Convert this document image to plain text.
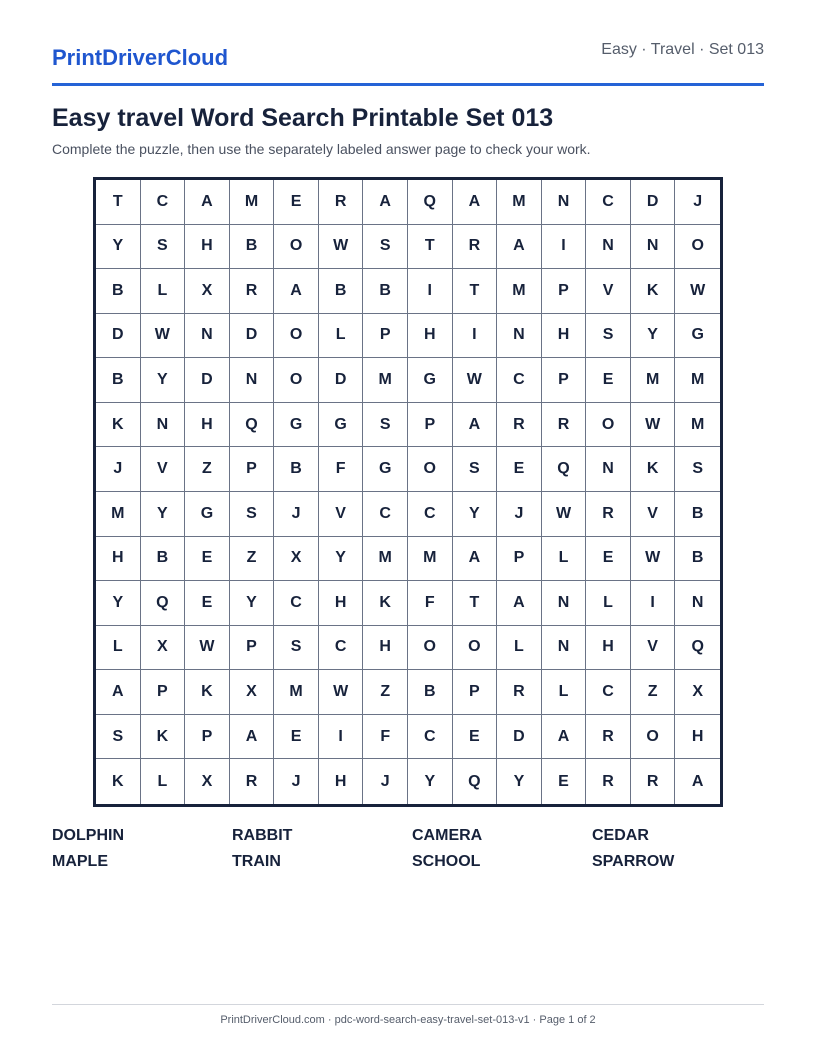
PrintDriverCloud	Easy · Travel · Set 013
Easy travel Word Search Printable Set 013
Complete the puzzle, then use the separately labeled answer page to check your work.
T	C	A	M	E	R	A	Q	A	M	N	C	D	J
Y	S	H	B	O	W	S	T	R	A	I	N	N	O
B	L	X	R	A	B	B	I	T	M	P	V	K	W
D	W	N	D	O	L	P	H	I	N	H	S	Y	G
B	Y	D	N	O	D	M	G	W	C	P	E	M	M
K	N	H	Q	G	G	S	P	A	R	R	O	W	M
J	V	Z	P	B	F	G	O	S	E	Q	N	K	S
M	Y	G	S	J	V	C	C	Y	J	W	R	V	B
H	B	E	Z	X	Y	M	M	A	P	L	E	W	B
Y	Q	E	Y	C	H	K	F	T	A	N	L	I	N
L	X	W	P	S	C	H	O	O	L	N	H	V	Q
A	P	K	X	M	W	Z	B	P	R	L	C	Z	X
S	K	P	A	E	I	F	C	E	D	A	R	O	H
K	L	X	R	J	H	J	Y	Q	Y	E	R	R	A
DOLPHIN	RABBIT	CAMERA	CEDAR
MAPLE	TRAIN	SCHOOL	SPARROW
PrintDriverCloud.com · pdc-word-search-easy-travel-set-013-v1 · Page 1 of 2
